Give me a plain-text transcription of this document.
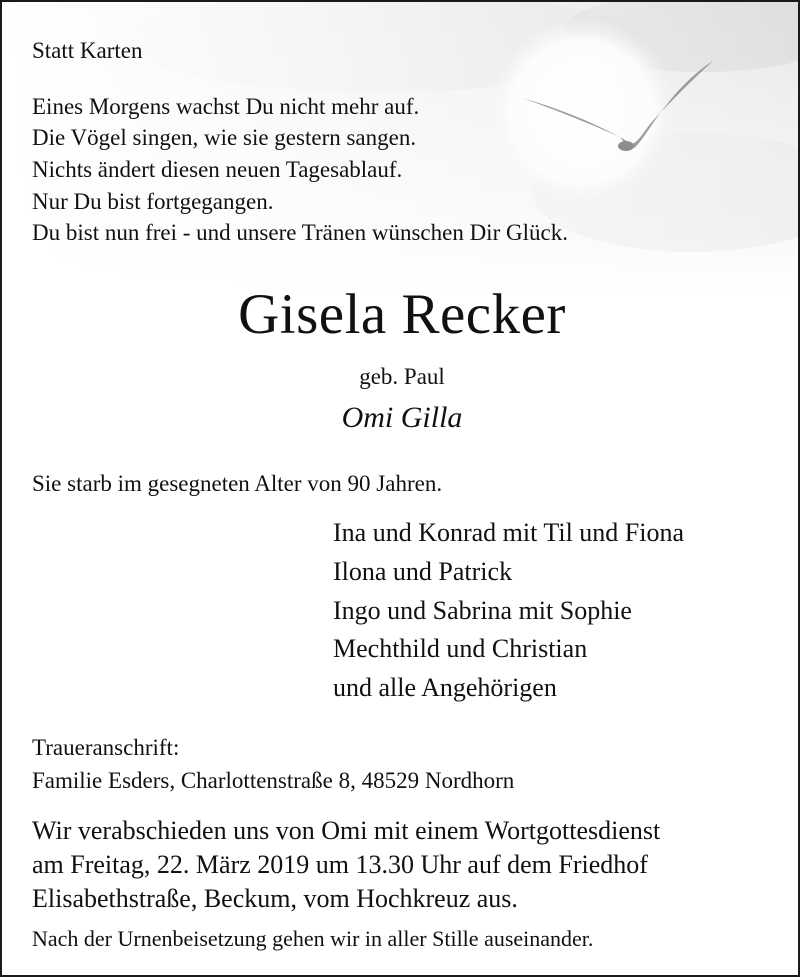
Statt Karten
Eines Morgens wachst Du nicht mehr auf.
Die Vögel singen, wie sie gestern sangen.
Nichts ändert diesen neuen Tagesablauf.
Nur Du bist fortgegangen.
Du bist nun frei - und unsere Tränen wünschen Dir Glück.
Gisela Recker
geb. Paul
Omi Gilla
Sie starb im gesegneten Alter von 90 Jahren.
Ina und Konrad mit Til und Fiona
Ilona und Patrick
Ingo und Sabrina mit Sophie
Mechthild und Christian
und alle Angehörigen
Traueranschrift:
Familie Esders, Charlottenstraße 8, 48529 Nordhorn
Wir verabschieden uns von Omi mit einem Wortgottesdienst
am Freitag, 22. März 2019 um 13.30 Uhr auf dem Friedhof
Elisabethstraße, Beckum, vom Hochkreuz aus.
Nach der Urnenbeisetzung gehen wir in aller Stille auseinander.
